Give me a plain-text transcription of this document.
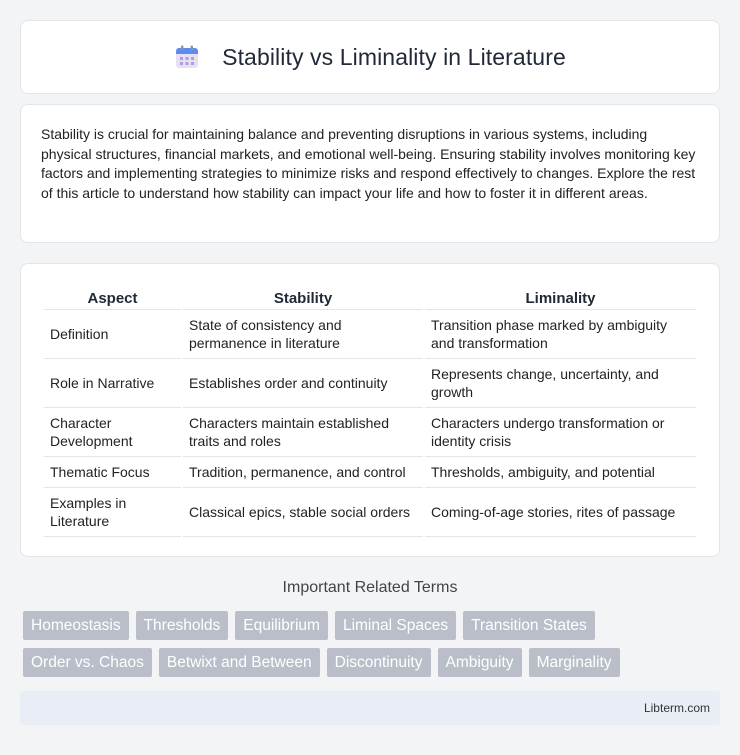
Stability vs Liminality in Literature

Stability is crucial for maintaining balance and preventing disruptions in various systems, including physical structures, financial markets, and emotional well-being. Ensuring stability involves monitoring key factors and implementing strategies to minimize risks and respond effectively to changes. Explore the rest of this article to understand how stability can impact your life and how to foster it in different areas.

Aspect	Stability	Liminality
Definition	State of consistency and permanence in literature	Transition phase marked by ambiguity and transformation
Role in Narrative	Establishes order and continuity	Represents change, uncertainty, and growth
Character Development	Characters maintain established traits and roles	Characters undergo transformation or identity crisis
Thematic Focus	Tradition, permanence, and control	Thresholds, ambiguity, and potential
Examples in Literature	Classical epics, stable social orders	Coming-of-age stories, rites of passage
Important Related Terms
Homeostasis	Thresholds	Equilibrium	Liminal Spaces	Transition States
Order vs. Chaos	Betwixt and Between	Discontinuity	Ambiguity	Marginality
Libterm.com
